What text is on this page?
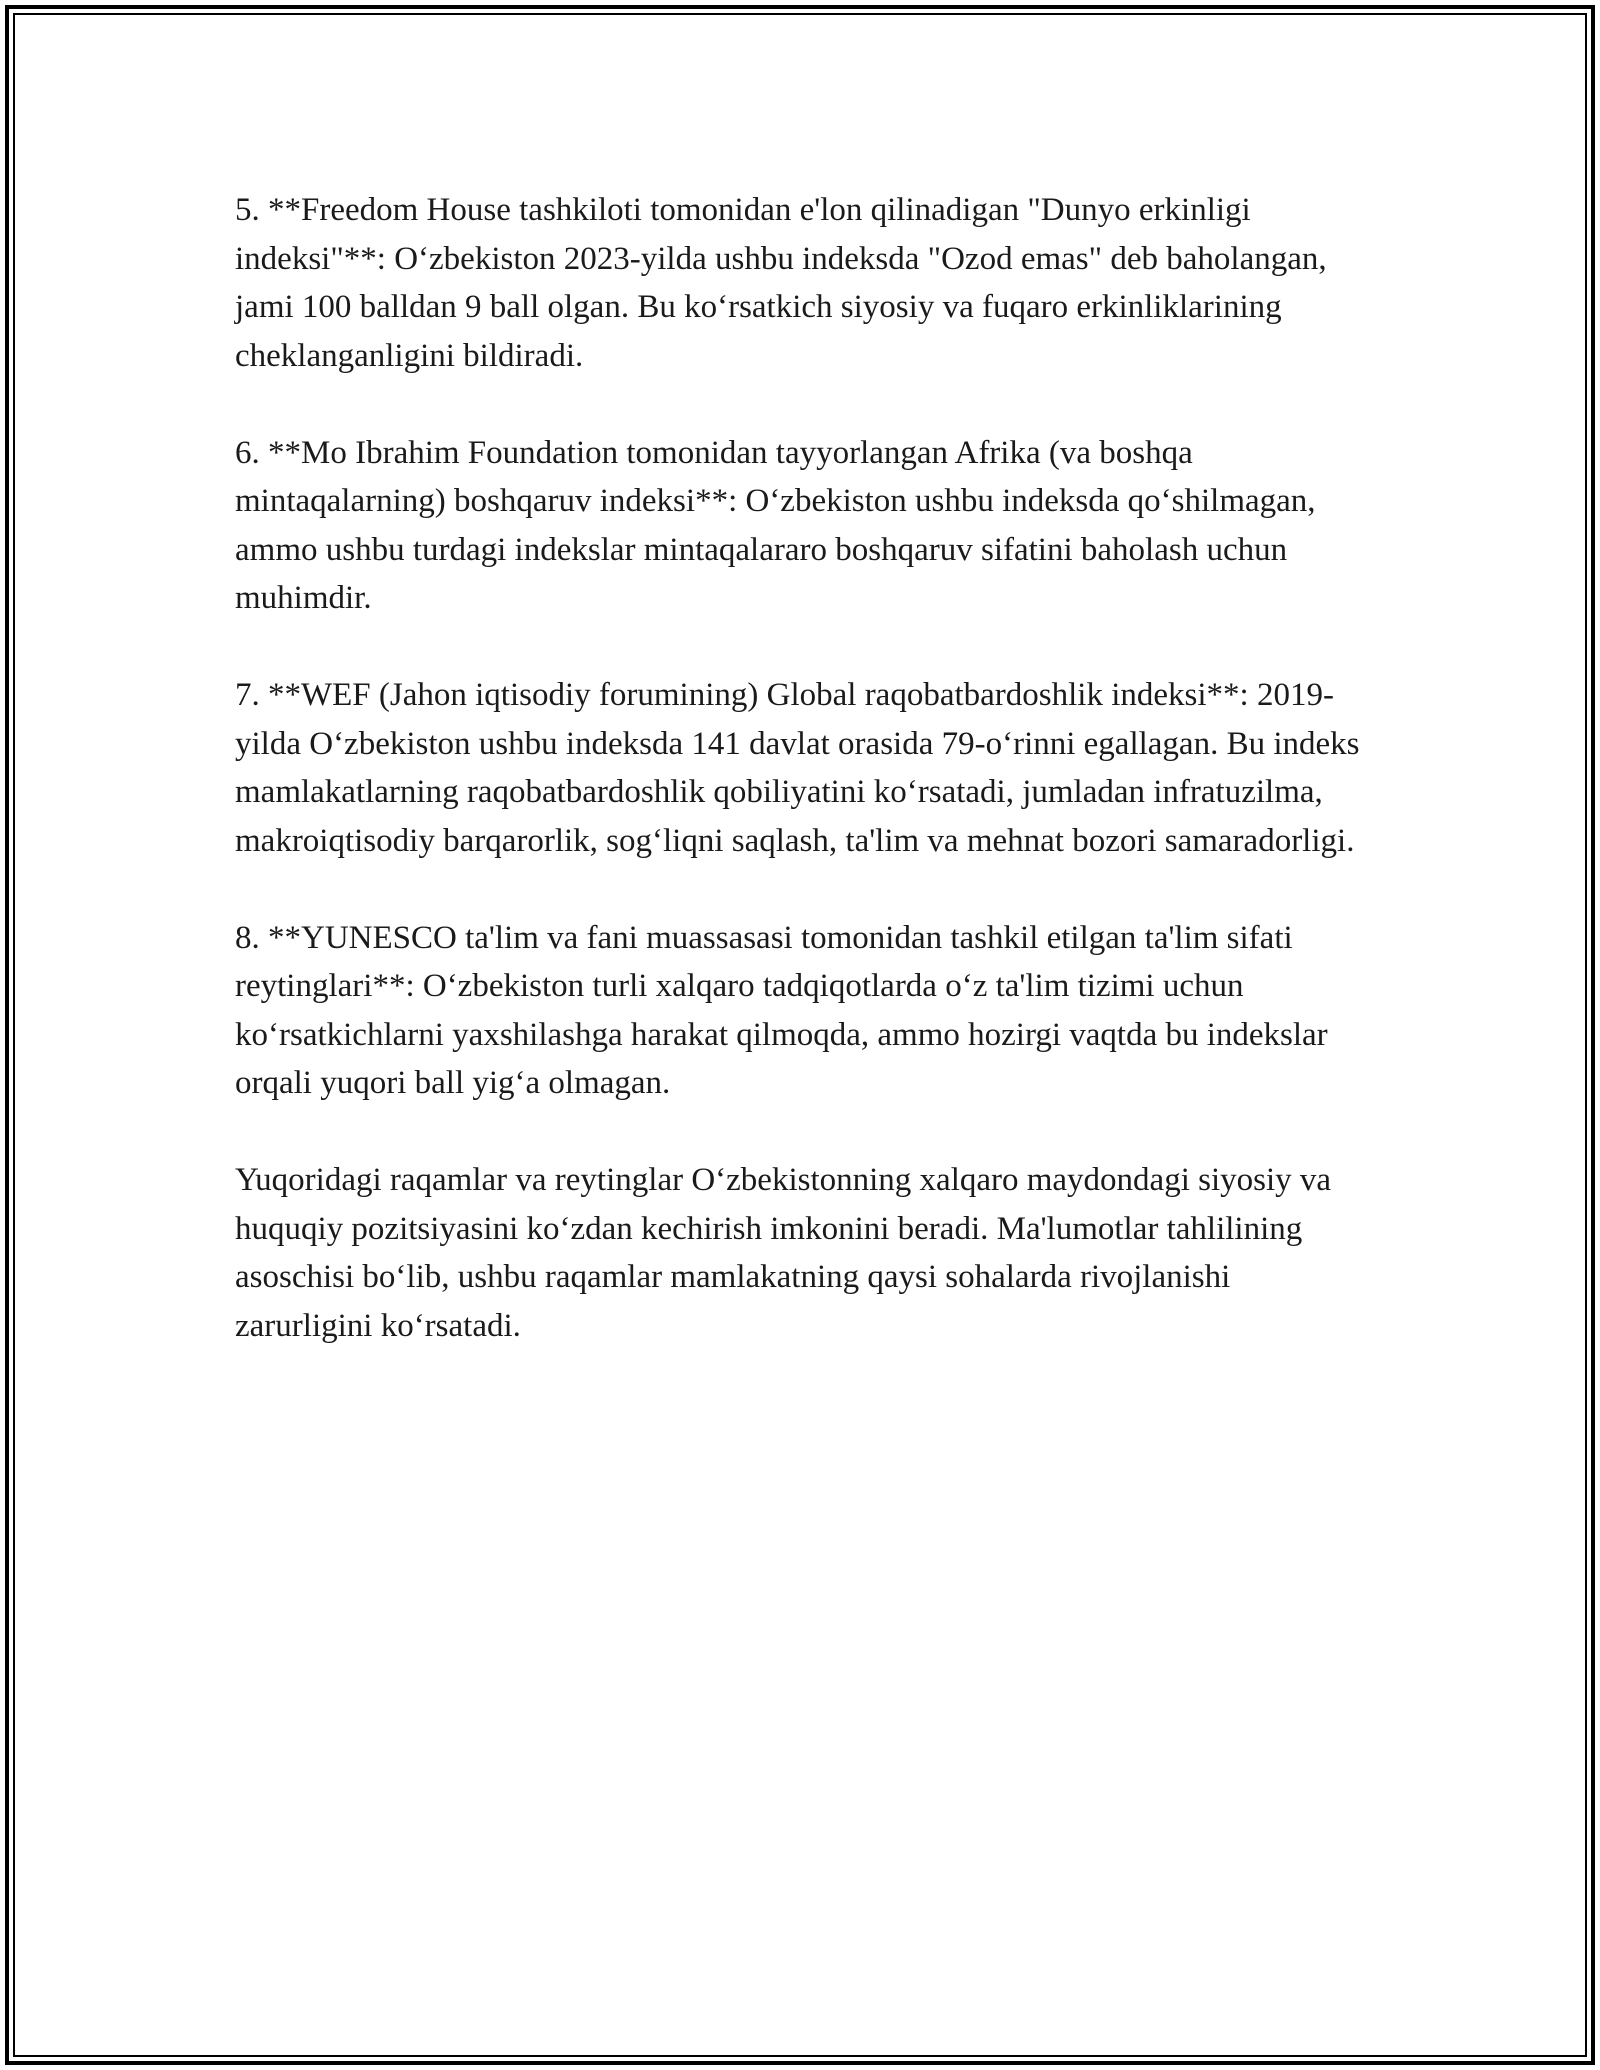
5. **Freedom House tashkiloti tomonidan e'lon qilinadigan "Dunyo erkinligi indeksi"**: O‘zbekiston 2023-yilda ushbu indeksda "Ozod emas" deb baholangan, jami 100 balldan 9 ball olgan. Bu ko‘rsatkich siyosiy va fuqaro erkinliklarining cheklanganligini bildiradi.

6. **Mo Ibrahim Foundation tomonidan tayyorlangan Afrika (va boshqa mintaqalarning) boshqaruv indeksi**: O‘zbekiston ushbu indeksda qo‘shilmagan, ammo ushbu turdagi indekslar mintaqalararo boshqaruv sifatini baholash uchun muhimdir.

7. **WEF (Jahon iqtisodiy forumining) Global raqobatbardoshlik indeksi**: 2019-yilda O‘zbekiston ushbu indeksda 141 davlat orasida 79-o‘rinni egallagan. Bu indeks mamlakatlarning raqobatbardoshlik qobiliyatini ko‘rsatadi, jumladan infratuzilma, makroiqtisodiy barqarorlik, sog‘liqni saqlash, ta'lim va mehnat bozori samaradorligi.

8. **YUNESCO ta'lim va fani muassasasi tomonidan tashkil etilgan ta'lim sifati reytinglari**: O‘zbekiston turli xalqaro tadqiqotlarda o‘z ta'lim tizimi uchun ko‘rsatkichlarni yaxshilashga harakat qilmoqda, ammo hozirgi vaqtda bu indekslar orqali yuqori ball yig‘a olmagan.

Yuqoridagi raqamlar va reytinglar O‘zbekistonning xalqaro maydondagi siyosiy va huquqiy pozitsiyasini ko‘zdan kechirish imkonini beradi. Ma'lumotlar tahlilining asoschisi bo‘lib, ushbu raqamlar mamlakatning qaysi sohalarda rivojlanishi zarurligini ko‘rsatadi.
